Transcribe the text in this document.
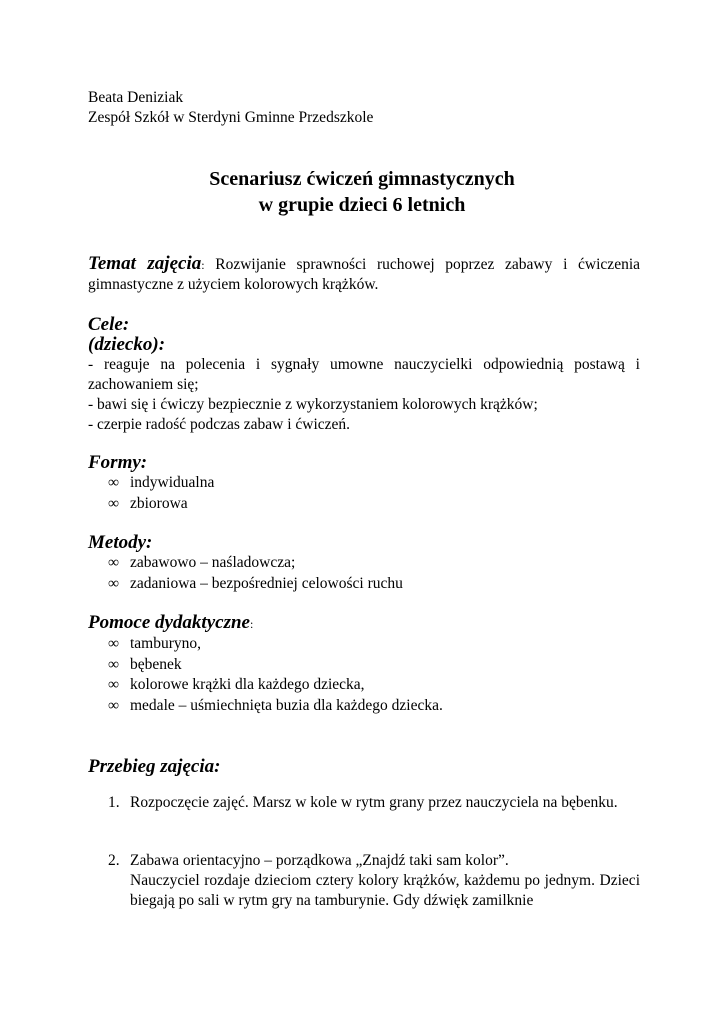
Beata Deniziak
Zespół Szkół w Sterdyni Gminne Przedszkole
Scenariusz ćwiczeń gimnastycznych
w grupie dzieci 6 letnich
Temat zajęcia: Rozwijanie sprawności ruchowej poprzez zabawy i ćwiczenia gimnastyczne z użyciem kolorowych krążków.
Cele:
(dziecko):
- reaguje na polecenia i sygnały umowne nauczycielki odpowiednią postawą i zachowaniem się;
- bawi się i ćwiczy bezpiecznie z wykorzystaniem kolorowych krążków;
- czerpie radość podczas zabaw i ćwiczeń.
Formy:
∞ indywidualna
∞ zbiorowa
Metody:
∞ zabawowo – naśladowcza;
∞ zadaniowa – bezpośredniej celowości ruchu
Pomoce dydaktyczne:
∞ tamburyno,
∞ bębenek
∞ kolorowe krążki dla każdego dziecka,
∞ medale – uśmiechnięta buzia dla każdego dziecka.
Przebieg zajęcia:
1. Rozpoczęcie zajęć. Marsz w kole w rytm grany przez nauczyciela na bębenku.
2. Zabawa orientacyjno – porządkowa „Znajdź taki sam kolor”.
Nauczyciel rozdaje dzieciom cztery kolory krążków, każdemu po jednym. Dzieci biegają po sali w rytm gry na tamburynie. Gdy dźwięk zamilknie
